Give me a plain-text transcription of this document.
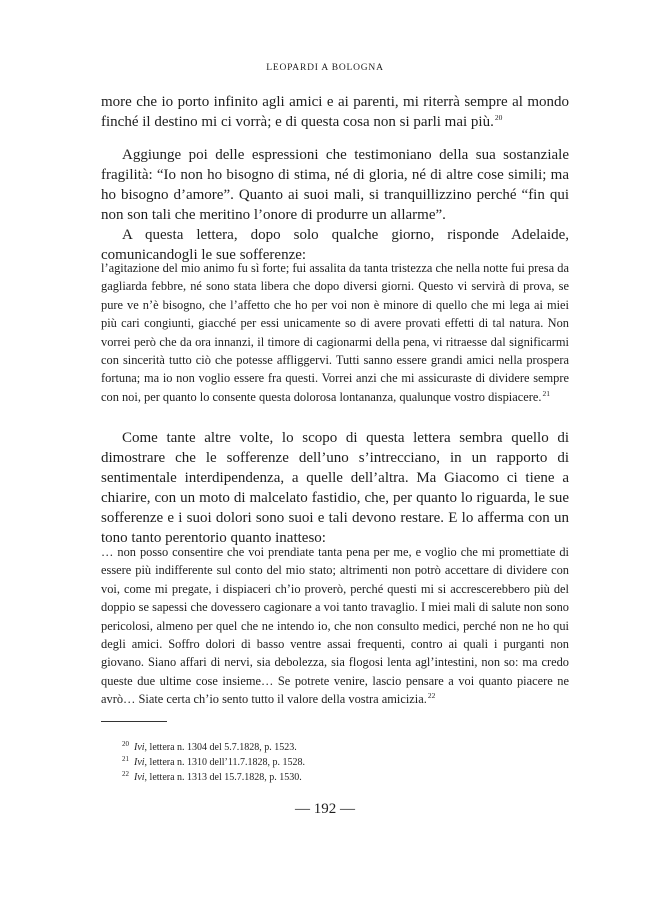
LEOPARDI A BOLOGNA

more che io porto infinito agli amici e ai parenti, mi riterrà sempre al mondo finché il destino mi ci vorrà; e di questa cosa non si parli mai più.$^{20}$

Aggiunge poi delle espressioni che testimoniano della sua sostanziale fragilità: “Io non ho bisogno di stima, né di gloria, né di altre cose simili; ma ho bisogno d’amore”. Quanto ai suoi mali, si tranquillizzino perché “fin qui non son tali che meritino l’onore di produrre un allarme”.

A questa lettera, dopo solo qualche giorno, risponde Adelaide, comunicandogli le sue sofferenze:

l’agitazione del mio animo fu sì forte; fui assalita da tanta tristezza che nella notte fui presa da gagliarda febbre, né sono stata libera che dopo diversi giorni. Questo vi servirà di prova, se pure ve n’è bisogno, che l’affetto che ho per voi non è minore di quello che mi lega ai miei più cari congiunti, giacché per essi unicamente so di avere provati effetti di tal natura. Non vorrei però che da ora innanzi, il timore di cagionarmi della pena, vi ritraesse dal significarmi con sincerità tutto ciò che potesse affliggervi. Tutti sanno essere grandi amici nella prospera fortuna; ma io non voglio essere fra questi. Vorrei anzi che mi assicuraste di dividere sempre con noi, per quanto lo consente questa dolorosa lontananza, qualunque vostro dispiacere.$^{21}$

Come tante altre volte, lo scopo di questa lettera sembra quello di dimostrare che le sofferenze dell’uno s’intrecciano, in un rapporto di sentimentale interdipendenza, a quelle dell’altra. Ma Giacomo ci tiene a chiarire, con un moto di malcelato fastidio, che, per quanto lo riguarda, le sue sofferenze e i suoi dolori sono suoi e tali devono restare. E lo afferma con un tono tanto perentorio quanto inatteso:

… non posso consentire che voi prendiate tanta pena per me, e voglio che mi promettiate di essere più indifferente sul conto del mio stato; altrimenti non potrò accettare di dividere con voi, come mi pregate, i dispiaceri ch’io proverò, perché questi mi si accrescerebbero più del doppio se sapessi che dovessero cagionare a voi tanto travaglio. I miei mali di salute non sono pericolosi, almeno per quel che ne intendo io, che non consulto medici, perché non ne ho qui degli amici. Soffro dolori di basso ventre assai frequenti, contro ai quali i purganti non giovano. Siano affari di nervi, sia debolezza, sia flogosi lenta agl’intestini, non so: ma credo queste due ultime cose insieme… Se potrete venire, lascio pensare a voi quanto piacere ne avrò… Siate certa ch’io sento tutto il valore della vostra amicizia.$^{22}$

$^{20}$ Ivi, lettera n. 1304 del 5.7.1828, p. 1523.
$^{21}$ Ivi, lettera n. 1310 dell’11.7.1828, p. 1528.
$^{22}$ Ivi, lettera n. 1313 del 15.7.1828, p. 1530.
— 192 —
